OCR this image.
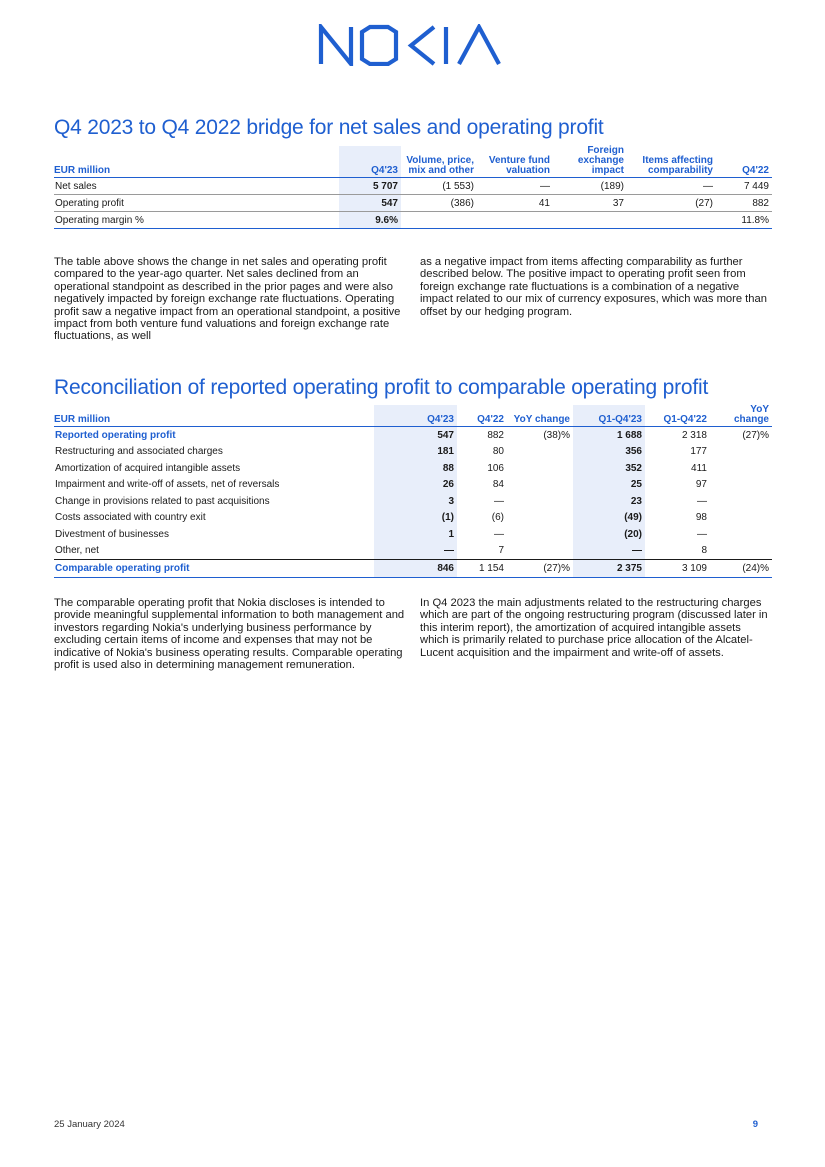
Q4 2023 to Q4 2022 bridge for net sales and operating profit
EUR million	Q4'23	Volume, price, mix and other	Venture fund valuation	Foreign exchange impact	Items affecting comparability	Q4'22
Net sales	5 707	(1 553)	—	(189)	—	7 449
Operating profit	547	(386)	41	37	(27)	882
Operating margin %	9.6%					11.8%

The table above shows the change in net sales and operating profit compared to the year-ago quarter. Net sales declined from an operational standpoint as described in the prior pages and were also negatively impacted by foreign exchange rate fluctuations. Operating profit saw a negative impact from an operational standpoint, a positive impact from both venture fund valuations and foreign exchange rate fluctuations, as well

as a negative impact from items affecting comparability as further described below. The positive impact to operating profit seen from foreign exchange rate fluctuations is a combination of a negative impact related to our mix of currency exposures, which was more than offset by our hedging program.

Reconciliation of reported operating profit to comparable operating profit
EUR million	Q4'23	Q4'22	YoY change	Q1-Q4'23	Q1-Q4'22	YoY change
Reported operating profit	547	882	(38)%	1 688	2 318	(27)%
Restructuring and associated charges	181	80		356	177	
Amortization of acquired intangible assets	88	106		352	411	
Impairment and write-off of assets, net of reversals	26	84		25	97	
Change in provisions related to past acquisitions	3	—		23	—	
Costs associated with country exit	(1)	(6)		(49)	98	
Divestment of businesses	1	—		(20)	—	
Other, net	—	7		—	8	
Comparable operating profit	846	1 154	(27)%	2 375	3 109	(24)%

The comparable operating profit that Nokia discloses is intended to provide meaningful supplemental information to both management and investors regarding Nokia's underlying business performance by excluding certain items of income and expenses that may not be indicative of Nokia's business operating results. Comparable operating profit is used also in determining management remuneration.

In Q4 2023 the main adjustments related to the restructuring charges which are part of the ongoing restructuring program (discussed later in this interim report), the amortization of acquired intangible assets which is primarily related to purchase price allocation of the Alcatel-Lucent acquisition and the impairment and write-off of assets.

25 January 2024	9
